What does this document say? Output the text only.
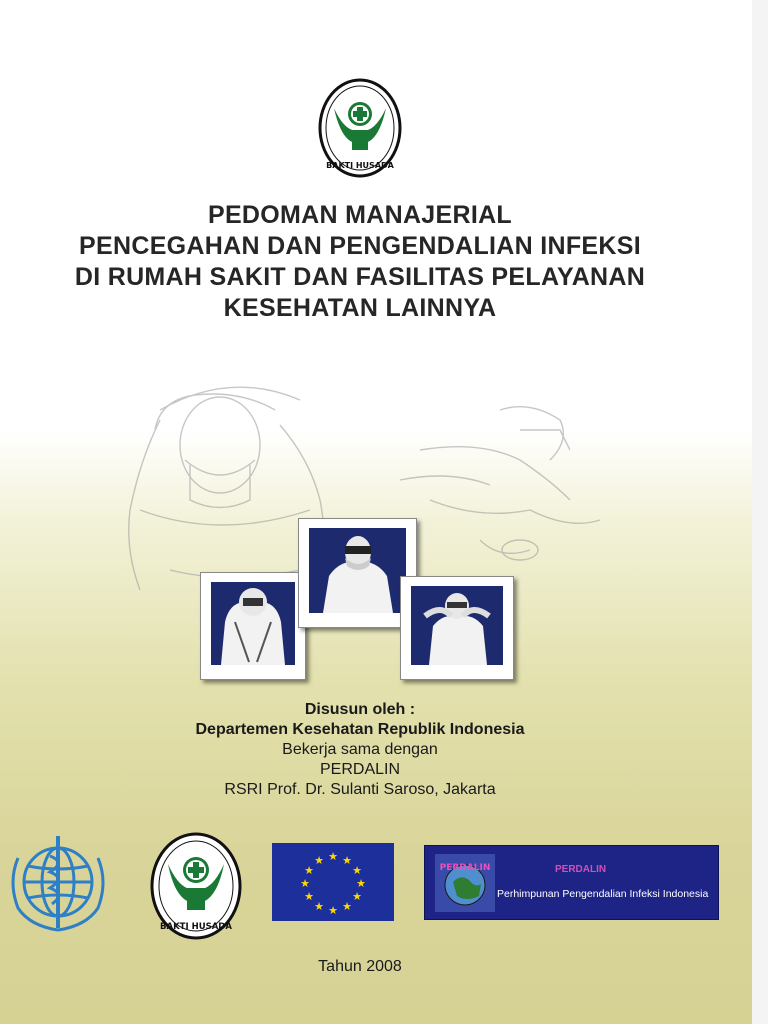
BAKTI HUSADA
PEDOMAN MANAJERIAL
PENCEGAHAN DAN PENGENDALIAN INFEKSI
DI RUMAH SAKIT DAN FASILITAS PELAYANAN
KESEHATAN LAINNYA
Disusun oleh :
Departemen Kesehatan Republik Indonesia
Bekerja sama dengan
PERDALIN
RSRI Prof. Dr. Sulanti Saroso, Jakarta
BAKTI HUSADA
★ ★
★
★
★
★
★
★
★
★
★
★
PERDALIN	PERDALIN
Perhimpunan Pengendalian Infeksi Indonesia
Tahun 2008
